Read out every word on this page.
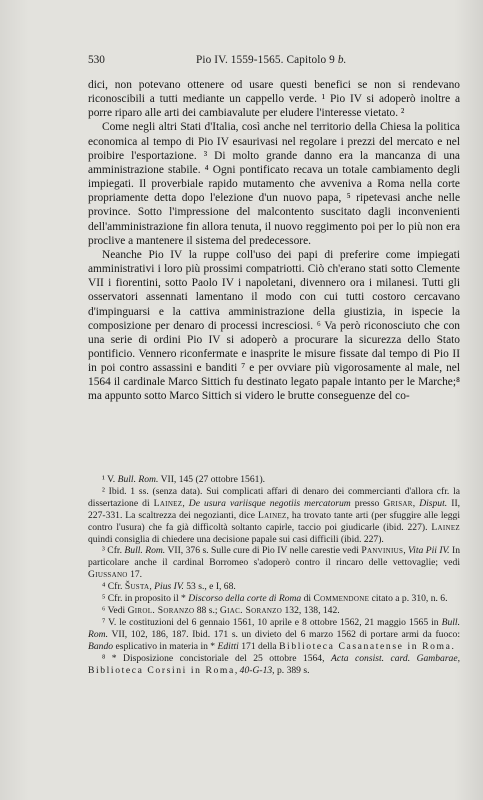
530	Pio IV. 1559-1565. Capitolo 9 b.

dici, non potevano ottenere od usare questi benefici se non si rendevano riconoscibili a tutti mediante un cappello verde. ¹ Pio IV si adoperò inoltre a porre riparo alle arti dei cambiavalute per eludere l'interesse vietato. ²

Come negli altri Stati d'Italia, così anche nel territorio della Chiesa la politica economica al tempo di Pio IV esaurivasi nel regolare i prezzi del mercato e nel proibire l'esportazione. ³ Di molto grande danno era la mancanza di una amministrazione stabile. ⁴ Ogni pontificato recava un totale cambiamento degli impiegati. Il proverbiale rapido mutamento che avveniva a Roma nella corte propriamente detta dopo l'elezione d'un nuovo papa, ⁵ ripetevasi anche nelle province. Sotto l'impressione del malcontento suscitato dagli inconvenienti dell'amministrazione fin allora tenuta, il nuovo reggimento poi per lo più non era proclive a mantenere il sistema del predecessore.

Neanche Pio IV la ruppe coll'uso dei papi di preferire come impiegati amministrativi i loro più prossimi compatriotti. Ciò ch'erano stati sotto Clemente VII i fiorentini, sotto Paolo IV i napoletani, divennero ora i milanesi. Tutti gli osservatori assennati lamentano il modo con cui tutti costoro cercavano d'impinguarsi e la cattiva amministrazione della giustizia, in ispecie la composizione per denaro di processi incresciosi. ⁶ Va però riconosciuto che con una serie di ordini Pio IV si adoperò a procurare la sicurezza dello Stato pontificio. Vennero riconfermate e inasprite le misure fissate dal tempo di Pio II in poi contro assassini e banditi ⁷ e per ovviare più vigorosamente al male, nel 1564 il cardinale Marco Sittich fu destinato legato papale intanto per le Marche;⁸ ma appunto sotto Marco Sittich si videro le brutte conseguenze del co-

¹ V. Bull. Rom. VII, 145 (27 ottobre 1561).

² Ibid. 1 ss. (senza data). Sui complicati affari di denaro dei commercianti d'allora cfr. la dissertazione di Lainez, De usura variisque negotiis mercatorum presso Grisar, Disput. II, 227-331. La scaltrezza dei negozianti, dice Lainez, ha trovato tante arti (per sfuggire alle leggi contro l'usura) che fa già difficoltà soltanto capirle, taccio poi giudicarle (ibid. 227). Lainez quindi consiglia di chiedere una decisione papale sui casi difficili (ibid. 227).

³ Cfr. Bull. Rom. VII, 376 s. Sulle cure di Pio IV nelle carestie vedi Panvinius, Vita Pii IV. In particolare anche il cardinal Borromeo s'adoperò contro il rincaro delle vettovaglie; vedi Giussano 17.

⁴ Cfr. Šusta, Pius IV. 53 s., e I, 68.

⁵ Cfr. in proposito il * Discorso della corte di Roma di Commendone citato a p. 310, n. 6.

⁶ Vedi Girol. Soranzo 88 s.; Giac. Soranzo 132, 138, 142.

⁷ V. le costituzioni del 6 gennaio 1561, 10 aprile e 8 ottobre 1562, 21 maggio 1565 in Bull. Rom. VII, 102, 186, 187. Ibid. 171 s. un divieto del 6 marzo 1562 di portare armi da fuoco: Bando esplicativo in materia in * Editti 171 della Biblioteca Casanatense in Roma.

⁸ * Disposizione concistoriale del 25 ottobre 1564, Acta consist. card. Gambarae, Biblioteca Corsini in Roma, 40-G-13, p. 389 s.
